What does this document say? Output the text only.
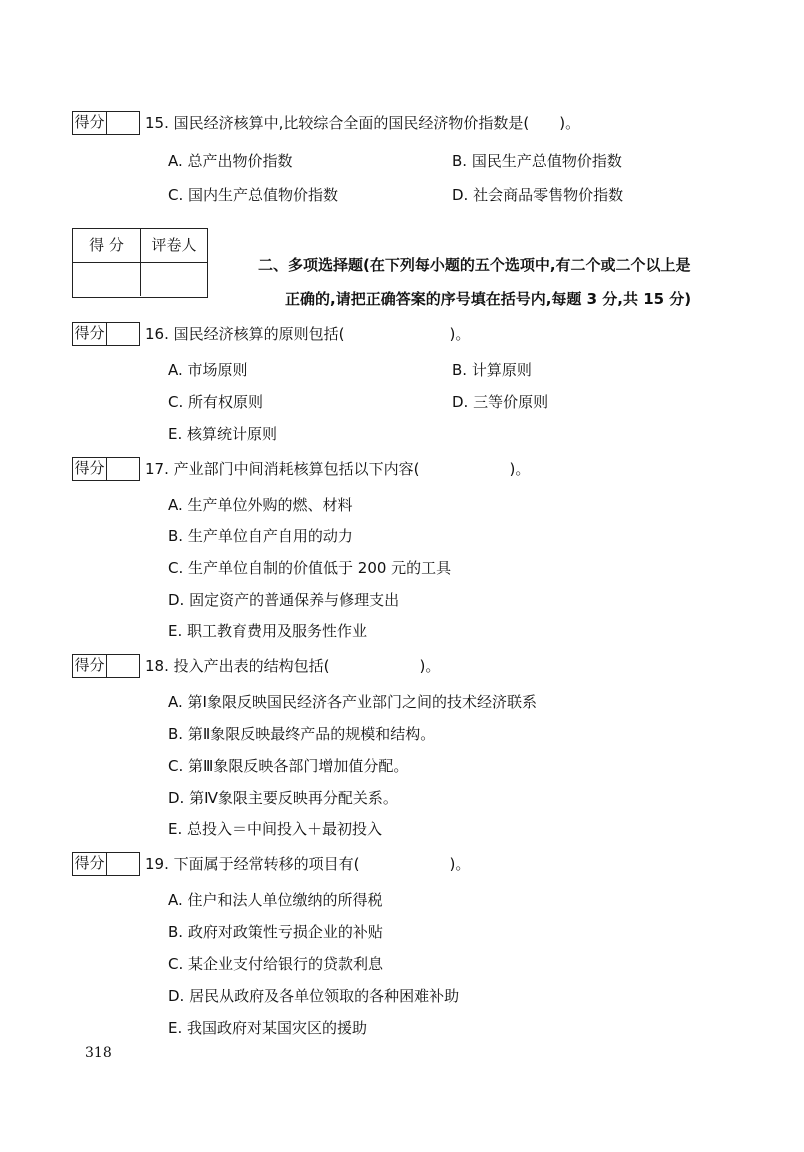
得分	15. 国民经济核算中,比较综合全面的国民经济物价指数是(　　)。
A. 总产出物价指数	B. 国民生产总值物价指数
C. 国内生产总值物价指数	D. 社会商品零售物价指数
得 分	评卷人
二、多项选择题(在下列每小题的五个选项中,有二个或二个以上是
正确的,请把正确答案的序号填在括号内,每题 3 分,共 15 分)
得分	16. 国民经济核算的原则包括(　　　　　　　)。
A. 市场原则	B. 计算原则
C. 所有权原则	D. 三等价原则
E. 核算统计原则
得分	17. 产业部门中间消耗核算包括以下内容(　　　　　　)。
A. 生产单位外购的燃、材料
B. 生产单位自产自用的动力
C. 生产单位自制的价值低于 200 元的工具
D. 固定资产的普通保养与修理支出
E. 职工教育费用及服务性作业
得分	18. 投入产出表的结构包括(　　　　　　)。
A. 第Ⅰ象限反映国民经济各产业部门之间的技术经济联系
B. 第Ⅱ象限反映最终产品的规模和结构。
C. 第Ⅲ象限反映各部门增加值分配。
D. 第Ⅳ象限主要反映再分配关系。
E. 总投入＝中间投入＋最初投入
得分	19. 下面属于经常转移的项目有(　　　　　　)。
A. 住户和法人单位缴纳的所得税
B. 政府对政策性亏损企业的补贴
C. 某企业支付给银行的贷款利息
D. 居民从政府及各单位领取的各种困难补助
E. 我国政府对某国灾区的援助
318
